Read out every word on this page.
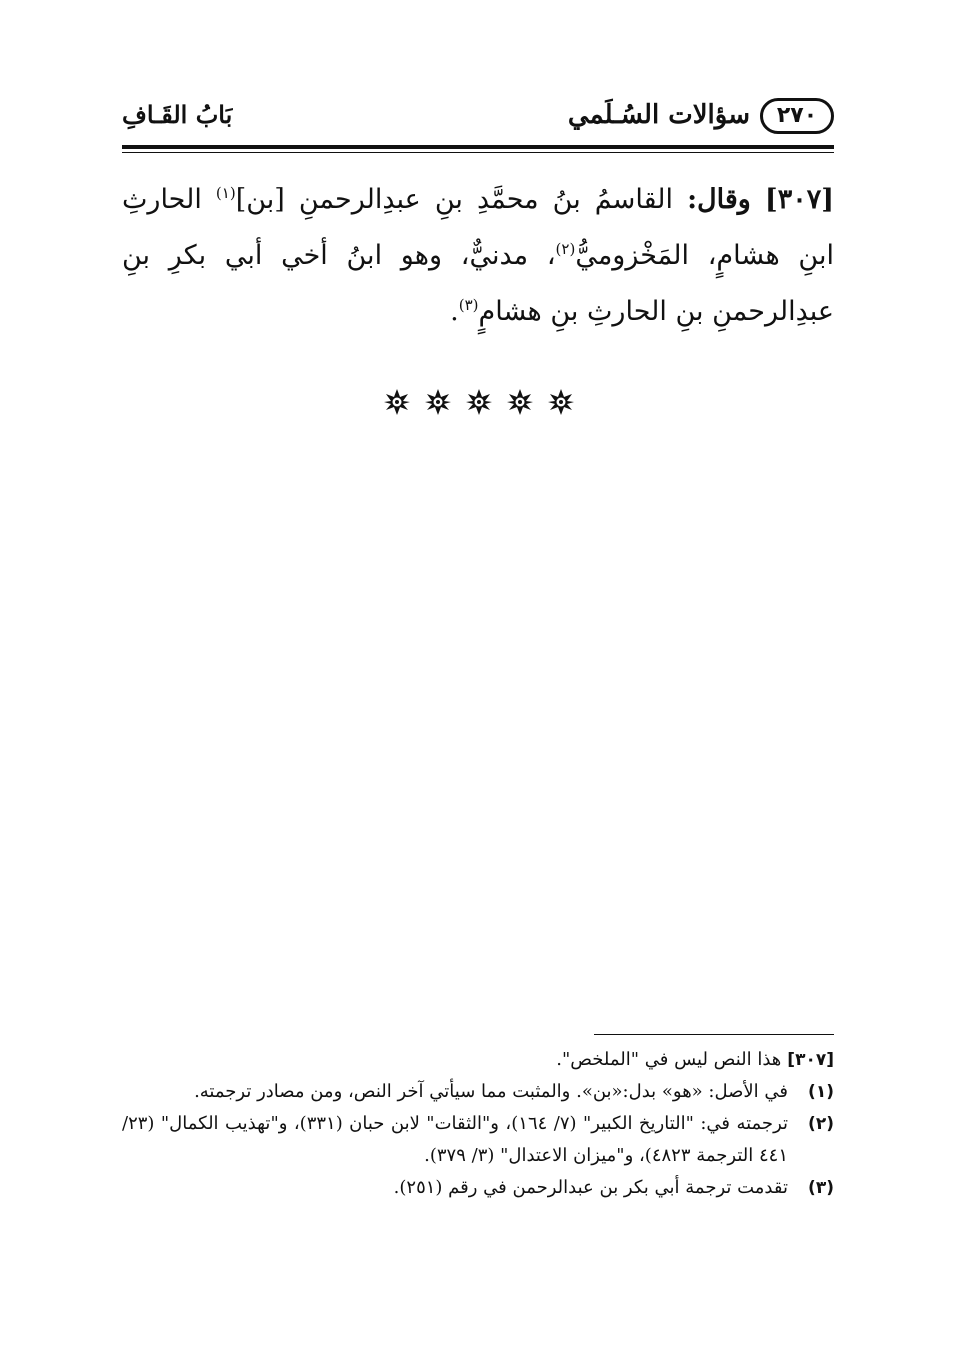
٢٧٠
سؤالات السُـلَمي
بَابُ القَـافِ
[٣٠٧] وقال: القاسمُ بنُ محمَّدِ بنِ عبدِالرحمنِ [بن]$^{(١)}$ الحارثِ ابنِ هشامٍ، المَخْزوميُّ$^{(٢)}$، مدنيٌّ، وهو ابنُ أخي أبي بكرِ بنِ عبدِالرحمنِ بنِ الحارثِ بنِ هشامٍ$^{(٣)}$.
[٣٠٧]هذا النص ليس في "الملخص".
(١)
في الأصل: «هو» بدل:«بن». والمثبت مما سيأتي آخر النص، ومن مصادر ترجمته.
(٢)
ترجمته في: "التاريخ الكبير" (٧/ ١٦٤)، و"الثقات" لابن حبان (٣٣١)، و"تهذيب الكمال" (٢٣/ ٤٤١ الترجمة ٤٨٢٣)، و"ميزان الاعتدال" (٣/ ٣٧٩).
(٣)
تقدمت ترجمة أبي بكر بن عبدالرحمن في رقم (٢٥١).
